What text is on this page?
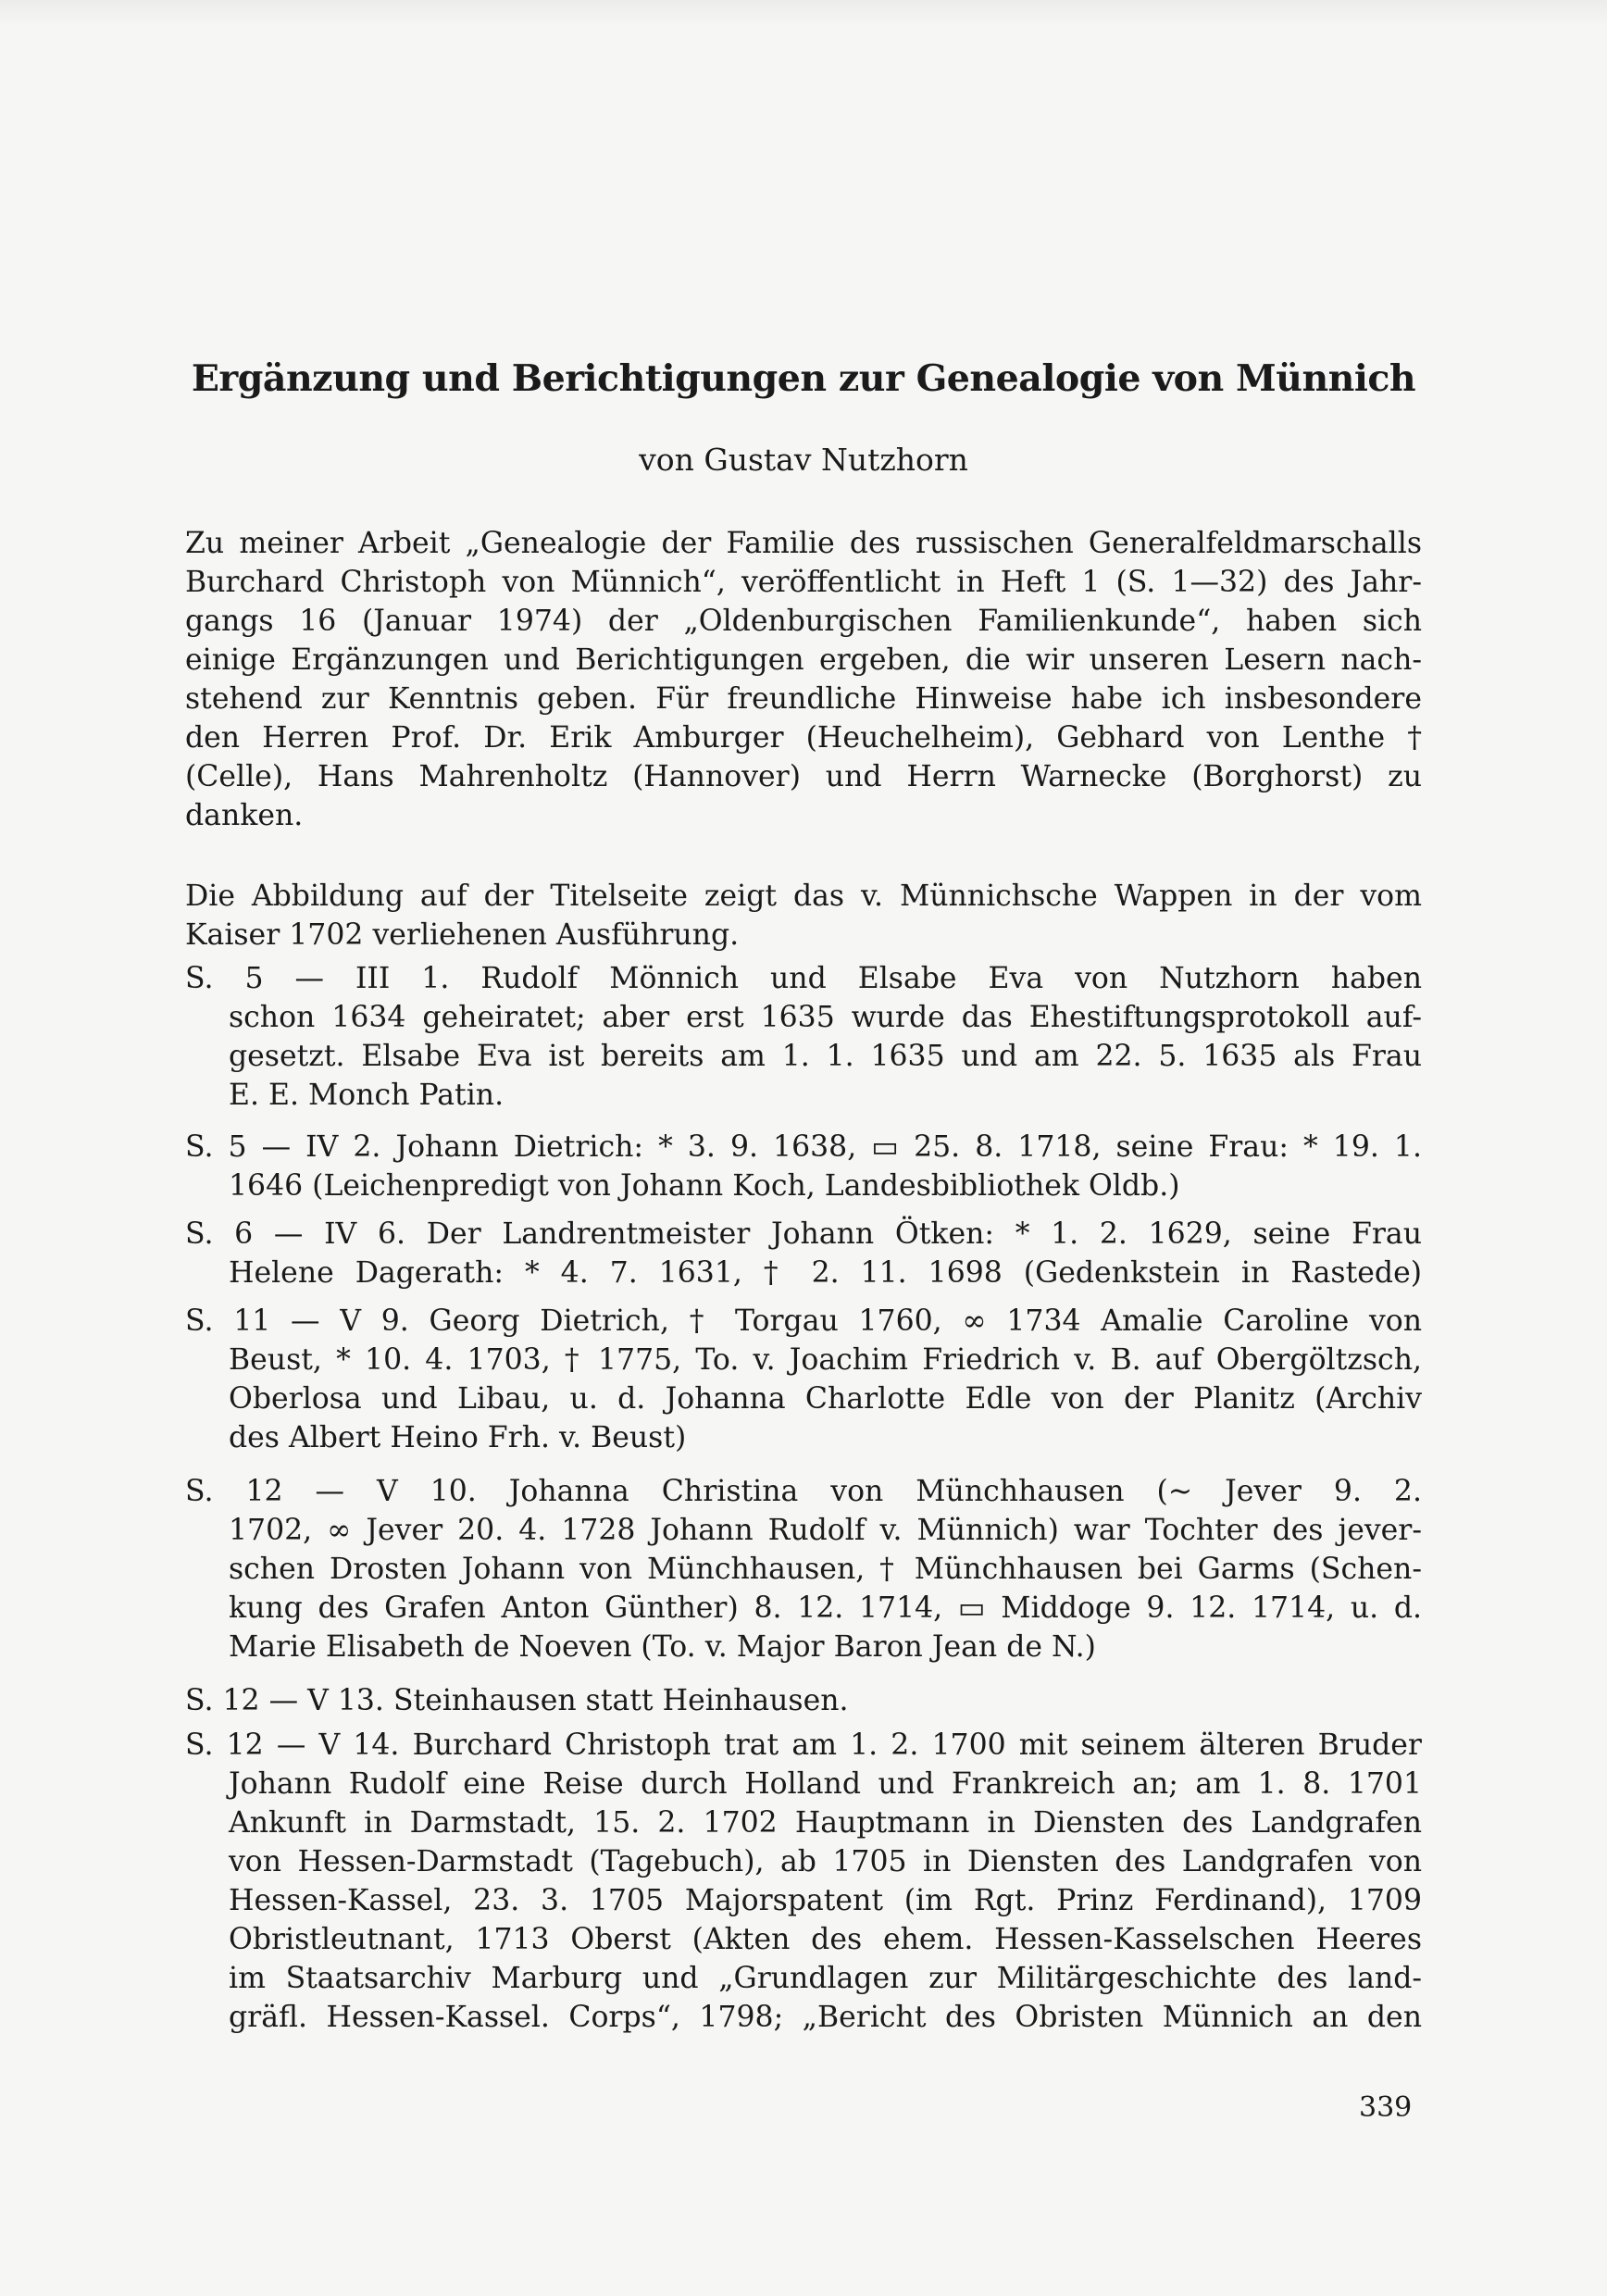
Ergänzung und Berichtigungen zur Genealogie von Münnich
von Gustav Nutzhorn
Zu meiner Arbeit „Genealogie der Familie des russischen Generalfeldmarschalls
Burchard Christoph von Münnich“, veröffentlicht in Heft 1 (S. 1—32) des Jahr-
gangs 16 (Januar 1974) der „Oldenburgischen Familienkunde“, haben sich
einige Ergänzungen und Berichtigungen ergeben, die wir unseren Lesern nach-
stehend zur Kenntnis geben. Für freundliche Hinweise habe ich insbesondere
den Herren Prof. Dr. Erik Amburger (Heuchelheim), Gebhard von Lenthe †
(Celle), Hans Mahrenholtz (Hannover) und Herrn Warnecke (Borghorst) zu
danken.
Die Abbildung auf der Titelseite zeigt das v. Münnichsche Wappen in der vom
Kaiser 1702 verliehenen Ausführung.
S. 5 — III 1. Rudolf Mönnich und Elsabe Eva von Nutzhorn haben
schon 1634 geheiratet; aber erst 1635 wurde das Ehestiftungsprotokoll auf-
gesetzt. Elsabe Eva ist bereits am 1. 1. 1635 und am 22. 5. 1635 als Frau
E. E. Monch Patin.
S. 5 — IV 2. Johann Dietrich: * 3. 9. 1638, ▭ 25. 8. 1718, seine Frau: * 19. 1.
1646 (Leichenpredigt von Johann Koch, Landesbibliothek Oldb.)
S. 6 — IV 6. Der Landrentmeister Johann Ötken: * 1. 2. 1629, seine Frau
Helene Dagerath: * 4. 7. 1631, † 2. 11. 1698 (Gedenkstein in Rastede)
S. 11 — V 9. Georg Dietrich, † Torgau 1760, ∞ 1734 Amalie Caroline von
Beust, * 10. 4. 1703, † 1775, To. v. Joachim Friedrich v. B. auf Obergöltzsch,
Oberlosa und Libau, u. d. Johanna Charlotte Edle von der Planitz (Archiv
des Albert Heino Frh. v. Beust)
S. 12 — V 10. Johanna Christina von Münchhausen (~ Jever 9. 2.
1702, ∞ Jever 20. 4. 1728 Johann Rudolf v. Münnich) war Tochter des jever-
schen Drosten Johann von Münchhausen, † Münchhausen bei Garms (Schen-
kung des Grafen Anton Günther) 8. 12. 1714, ▭ Middoge 9. 12. 1714, u. d.
Marie Elisabeth de Noeven (To. v. Major Baron Jean de N.)
S. 12 — V 13. Steinhausen statt Heinhausen.
S. 12 — V 14. Burchard Christoph trat am 1. 2. 1700 mit seinem älteren Bruder
Johann Rudolf eine Reise durch Holland und Frankreich an; am 1. 8. 1701
Ankunft in Darmstadt, 15. 2. 1702 Hauptmann in Diensten des Landgrafen
von Hessen-Darmstadt (Tagebuch), ab 1705 in Diensten des Landgrafen von
Hessen-Kassel, 23. 3. 1705 Majorspatent (im Rgt. Prinz Ferdinand), 1709
Obristleutnant, 1713 Oberst (Akten des ehem. Hessen-Kasselschen Heeres
im Staatsarchiv Marburg und „Grundlagen zur Militärgeschichte des land-
gräfl. Hessen-Kassel. Corps“, 1798; „Bericht des Obristen Münnich an den
339
